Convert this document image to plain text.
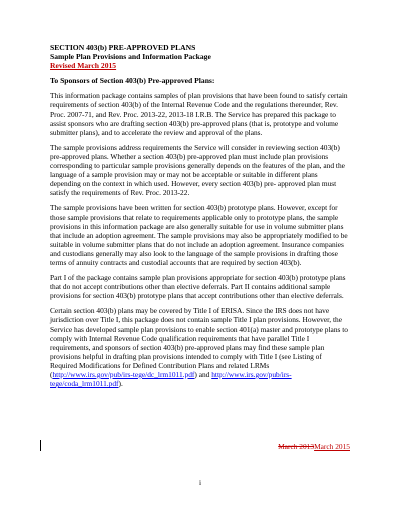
SECTION 403(b) PRE-APPROVED PLANS
Sample Plan Provisions and Information Package
Revised March 2015
To Sponsors of Section 403(b) Pre-approved Plans:

This information package contains samples of plan provisions that have been found to satisfy certain requirements of section 403(b) of the Internal Revenue Code and the regulations thereunder, Rev. Proc. 2007-71, and Rev. Proc. 2013-22, 2013-18 I.R.B. The Service has prepared this package to assist sponsors who are drafting section 403(b) pre-approved plans (that is, prototype and volume submitter plans), and to accelerate the review and approval of the plans.

The sample provisions address requirements the Service will consider in reviewing section 403(b) pre-approved plans. Whether a section 403(b) pre-approved plan must include plan provisions corresponding to particular sample provisions generally depends on the features of the plan, and the language of a sample provision may or may not be acceptable or suitable in different plans depending on the context in which used. However, every section 403(b) pre- approved plan must satisfy the requirements of Rev. Proc. 2013-22.

The sample provisions have been written for section 403(b) prototype plans. However, except for those sample provisions that relate to requirements applicable only to prototype plans, the sample provisions in this information package are also generally suitable for use in volume submitter plans that include an adoption agreement. The sample provisions may also be appropriately modified to be suitable in volume submitter plans that do not include an adoption agreement. Insurance companies and custodians generally may also look to the language of the sample provisions in drafting those terms of annuity contracts and custodial accounts that are required by section 403(b).

Part I of the package contains sample plan provisions appropriate for section 403(b) prototype plans that do not accept contributions other than elective deferrals. Part II contains additional sample provisions for section 403(b) prototype plans that accept contributions other than elective deferrals.

Certain section 403(b) plans may be covered by Title I of ERISA. Since the IRS does not have jurisdiction over Title I, this package does not contain sample Title I plan provisions. However, the Service has developed sample plan provisions to enable section 401(a) master and prototype plans to comply with Internal Revenue Code qualification requirements that have parallel Title I requirements, and sponsors of section 403(b) pre-approved plans may find these sample plan provisions helpful in drafting plan provisions intended to comply with Title I (see Listing of Required Modifications for Defined Contribution Plans and related LRMs (http://www.irs.gov/pub/irs-tege/dc_lrm1011.pdf) and http://www.irs.gov/pub/irs- tege/coda_lrm1011.pdf).

March 2013March 2015
i
